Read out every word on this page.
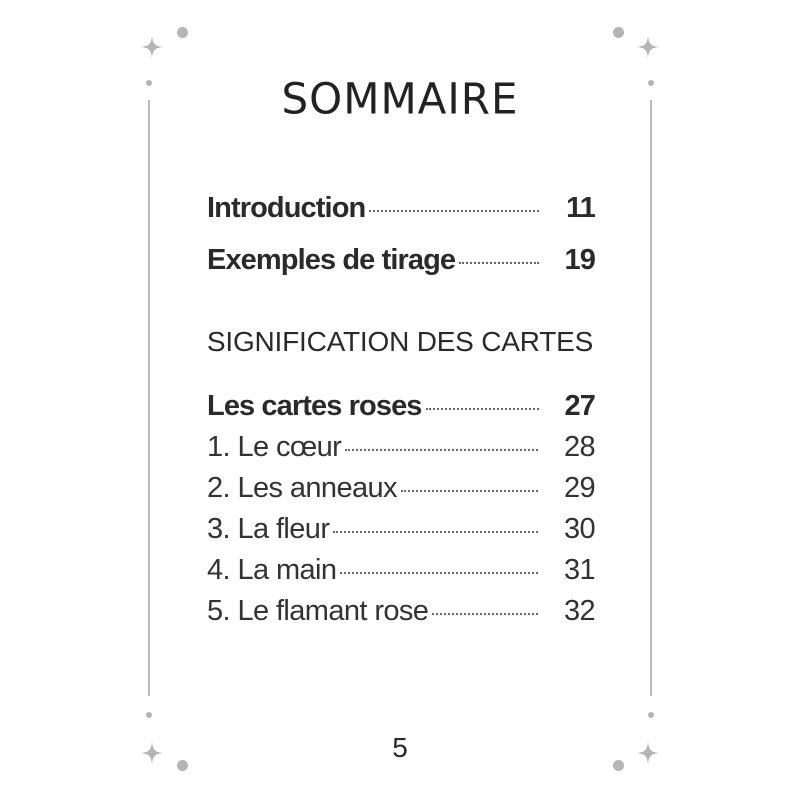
SOMMAIRE
Introduction	11
Exemples de tirage	19
SIGNIFICATION DES CARTES
Les cartes roses	27
1. Le cœur	28
2. Les anneaux	29
3. La fleur	30
4. La main	31
5. Le flamant rose	32
5
